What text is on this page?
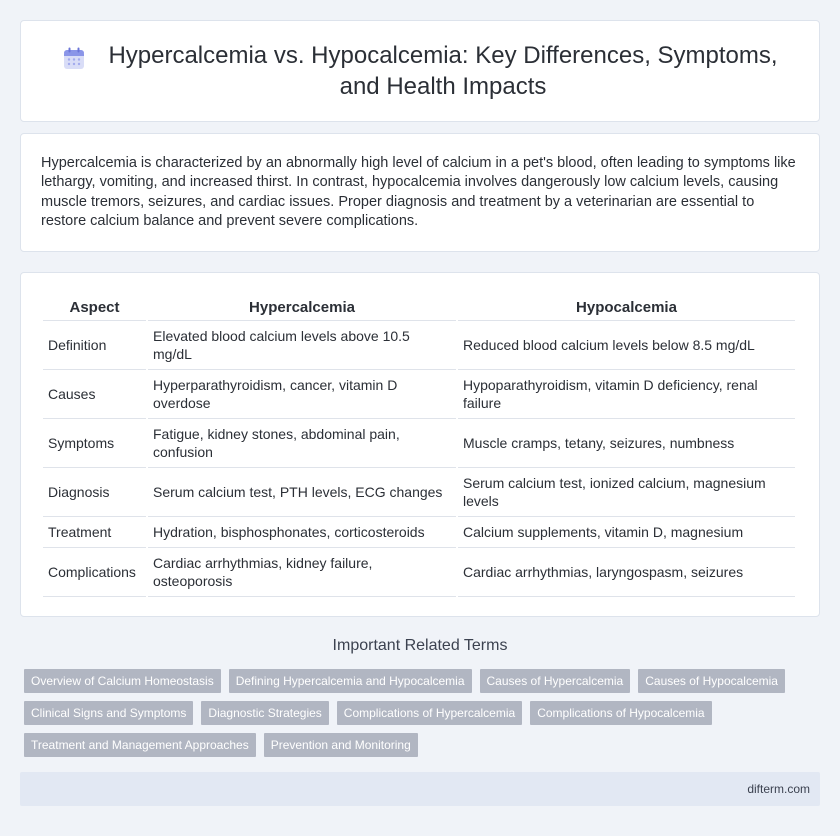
Hypercalcemia vs. Hypocalcemia: Key Differences, Symptoms, and Health Impacts

Hypercalcemia is characterized by an abnormally high level of calcium in a pet's blood, often leading to symptoms like lethargy, vomiting, and increased thirst. In contrast, hypocalcemia involves dangerously low calcium levels, causing muscle tremors, seizures, and cardiac issues. Proper diagnosis and treatment by a veterinarian are essential to restore calcium balance and prevent severe complications.

Aspect	Hypercalcemia	Hypocalcemia
Definition	Elevated blood calcium levels above 10.5 mg/dL	Reduced blood calcium levels below 8.5 mg/dL
Causes	Hyperparathyroidism, cancer, vitamin D overdose	Hypoparathyroidism, vitamin D deficiency, renal failure
Symptoms	Fatigue, kidney stones, abdominal pain, confusion	Muscle cramps, tetany, seizures, numbness
Diagnosis	Serum calcium test, PTH levels, ECG changes	Serum calcium test, ionized calcium, magnesium levels
Treatment	Hydration, bisphosphonates, corticosteroids	Calcium supplements, vitamin D, magnesium
Complications	Cardiac arrhythmias, kidney failure, osteoporosis	Cardiac arrhythmias, laryngospasm, seizures
Important Related Terms
Overview of Calcium Homeostasis	Defining Hypercalcemia and Hypocalcemia	Causes of Hypercalcemia	Causes of Hypocalcemia
Clinical Signs and Symptoms	Diagnostic Strategies	Complications of Hypercalcemia	Complications of Hypocalcemia
Treatment and Management Approaches	Prevention and Monitoring
difterm.com
